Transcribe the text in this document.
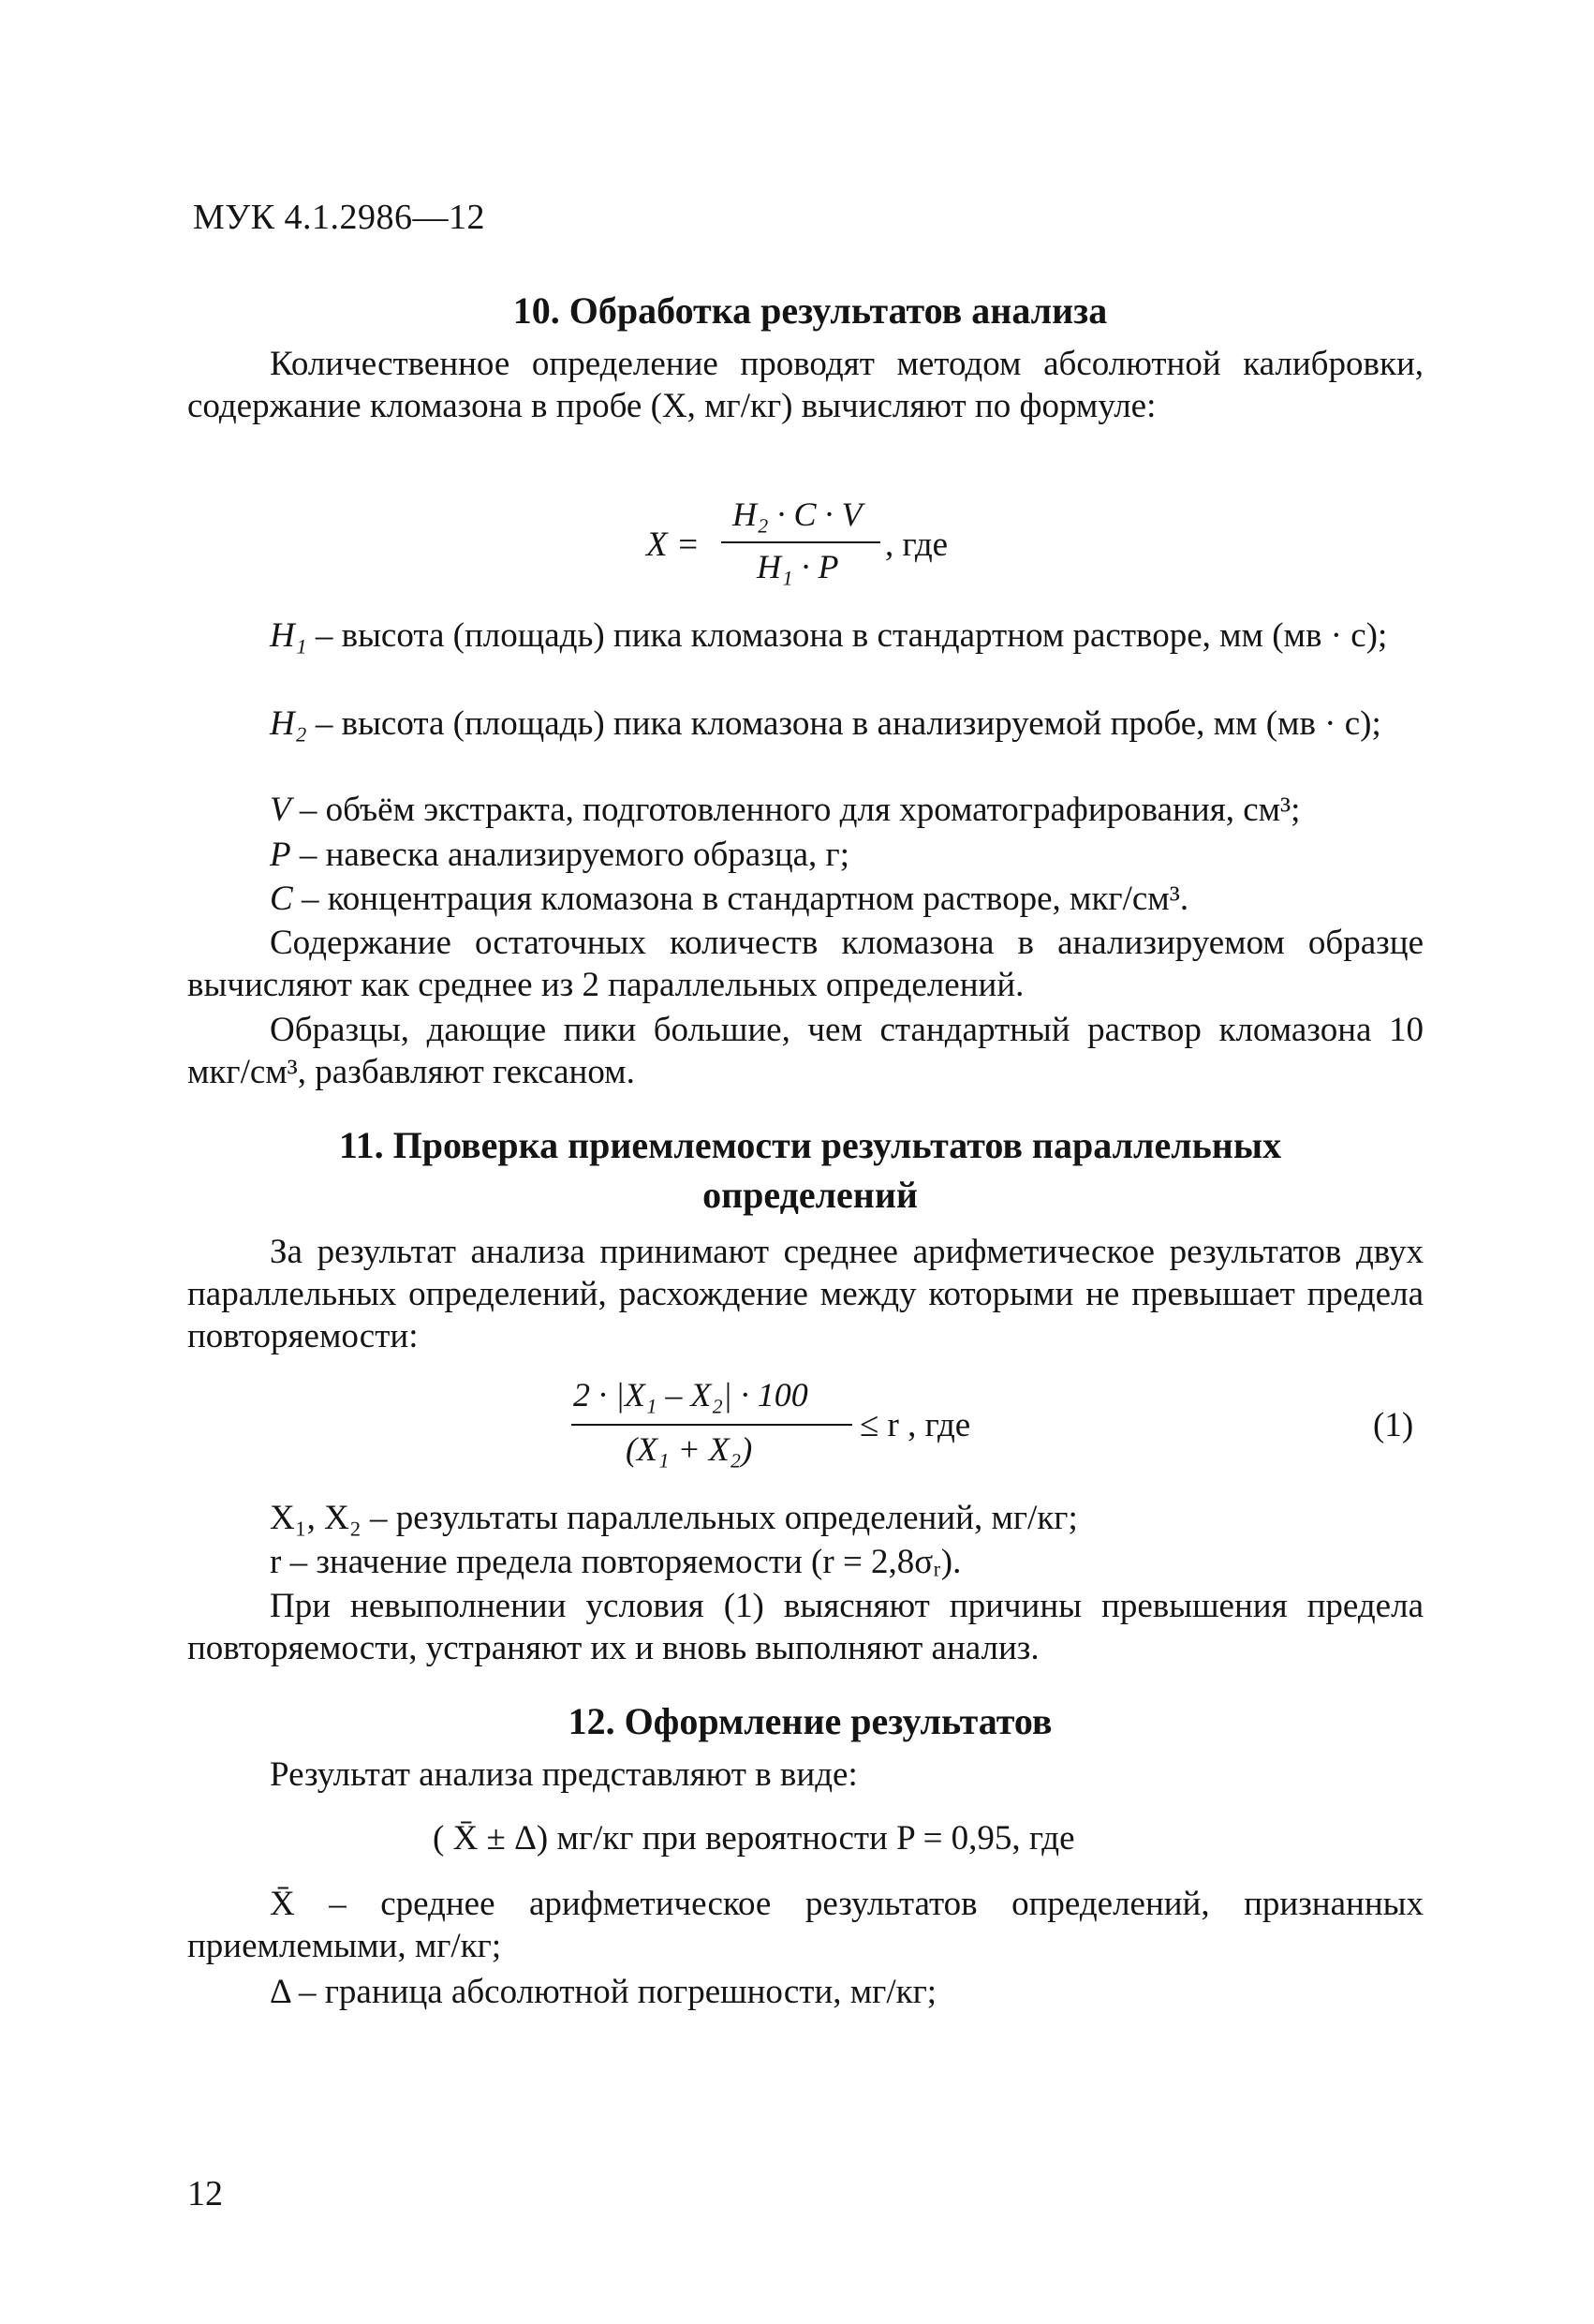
МУК 4.1.2986—12
10. Обработка результатов анализа
Количественное определение проводят методом абсолютной калибровки, содержание кломазона в пробе (X, мг/кг) вычисляют по формуле:
X =
H₂ · C · V
H₁ · P
, где
H₁ – высота (площадь) пика кломазона в стандартном растворе, мм (мв · с);
H₂ – высота (площадь) пика кломазона в анализируемой пробе, мм (мв · с);
V – объём экстракта, подготовленного для хроматографирования, см³;
P – навеска анализируемого образца, г;
C – концентрация кломазона в стандартном растворе, мкг/см³.
Содержание остаточных количеств кломазона в анализируемом образце вычисляют как среднее из 2 параллельных определений.
Образцы, дающие пики большие, чем стандартный раствор кломазона 10 мкг/см³, разбавляют гексаном.
11. Проверка приемлемости результатов параллельных
определений
За результат анализа принимают среднее арифметическое результатов двух параллельных определений, расхождение между которыми не превышает предела повторяемости:
2 · |X₁ – X₂| · 100
(X₁ + X₂)
≤ r , где	(1)
X₁, X₂ – результаты параллельных определений, мг/кг;
r – значение предела повторяемости (r = 2,8σᵣ).
При невыполнении условия (1) выясняют причины превышения предела повторяемости, устраняют их и вновь выполняют анализ.
12. Оформление результатов
Результат анализа представляют в виде:
( X̄ ± Δ) мг/кг при вероятности P = 0,95, где
X̄ – среднее арифметическое результатов определений, признанных приемлемыми, мг/кг;
Δ – граница абсолютной погрешности, мг/кг;
12
